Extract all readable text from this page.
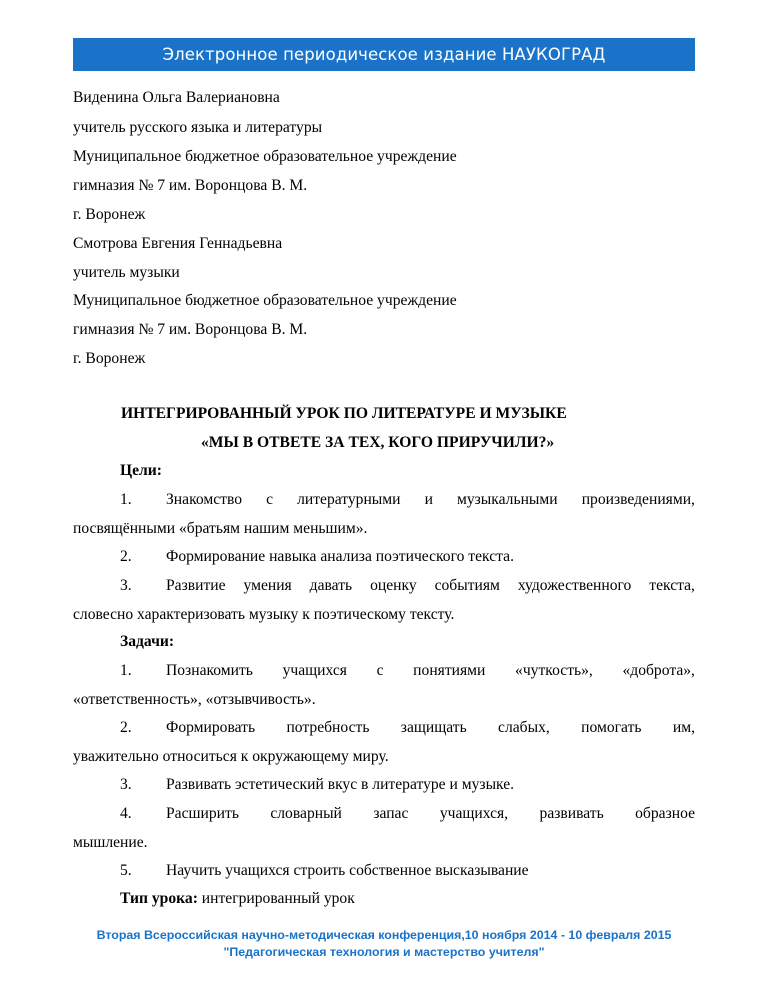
Электронное периодическое издание НАУКОГРАД
Виденина Ольга Валериановна
учитель русского языка и литературы
Муниципальное бюджетное образовательное учреждение
гимназия № 7 им. Воронцова В. М.
г. Воронеж
Смотрова Евгения Геннадьевна
учитель музыки
Муниципальное бюджетное образовательное учреждение
гимназия № 7 им. Воронцова В. М.
г. Воронеж
ИНТЕГРИРОВАННЫЙ УРОК ПО ЛИТЕРАТУРЕ И МУЗЫКЕ
«МЫ В ОТВЕТЕ ЗА ТЕХ, КОГО ПРИРУЧИЛИ?»
Цели:
1. Знакомство с литературными и музыкальными произведениями,
посвящёнными «братьям нашим меньшим».
2. Формирование навыка анализа поэтического текста.
3. Развитие умения давать оценку событиям художественного текста,
словесно характеризовать музыку к поэтическому тексту.
Задачи:
1. Познакомить учащихся с понятиями «чуткость», «доброта»,
«ответственность», «отзывчивость».
2. Формировать потребность защищать слабых, помогать им,
уважительно относиться к окружающему миру.
3. Развивать эстетический вкус в литературе и музыке.
4. Расширить словарный запас учащихся, развивать образное
мышление.
5. Научить учащихся строить собственное высказывание
Тип урока: интегрированный урок
Вторая Всероссийская научно-методическая конференция,10 ноября 2014 - 10 февраля 2015
"Педагогическая технология и мастерство учителя"
